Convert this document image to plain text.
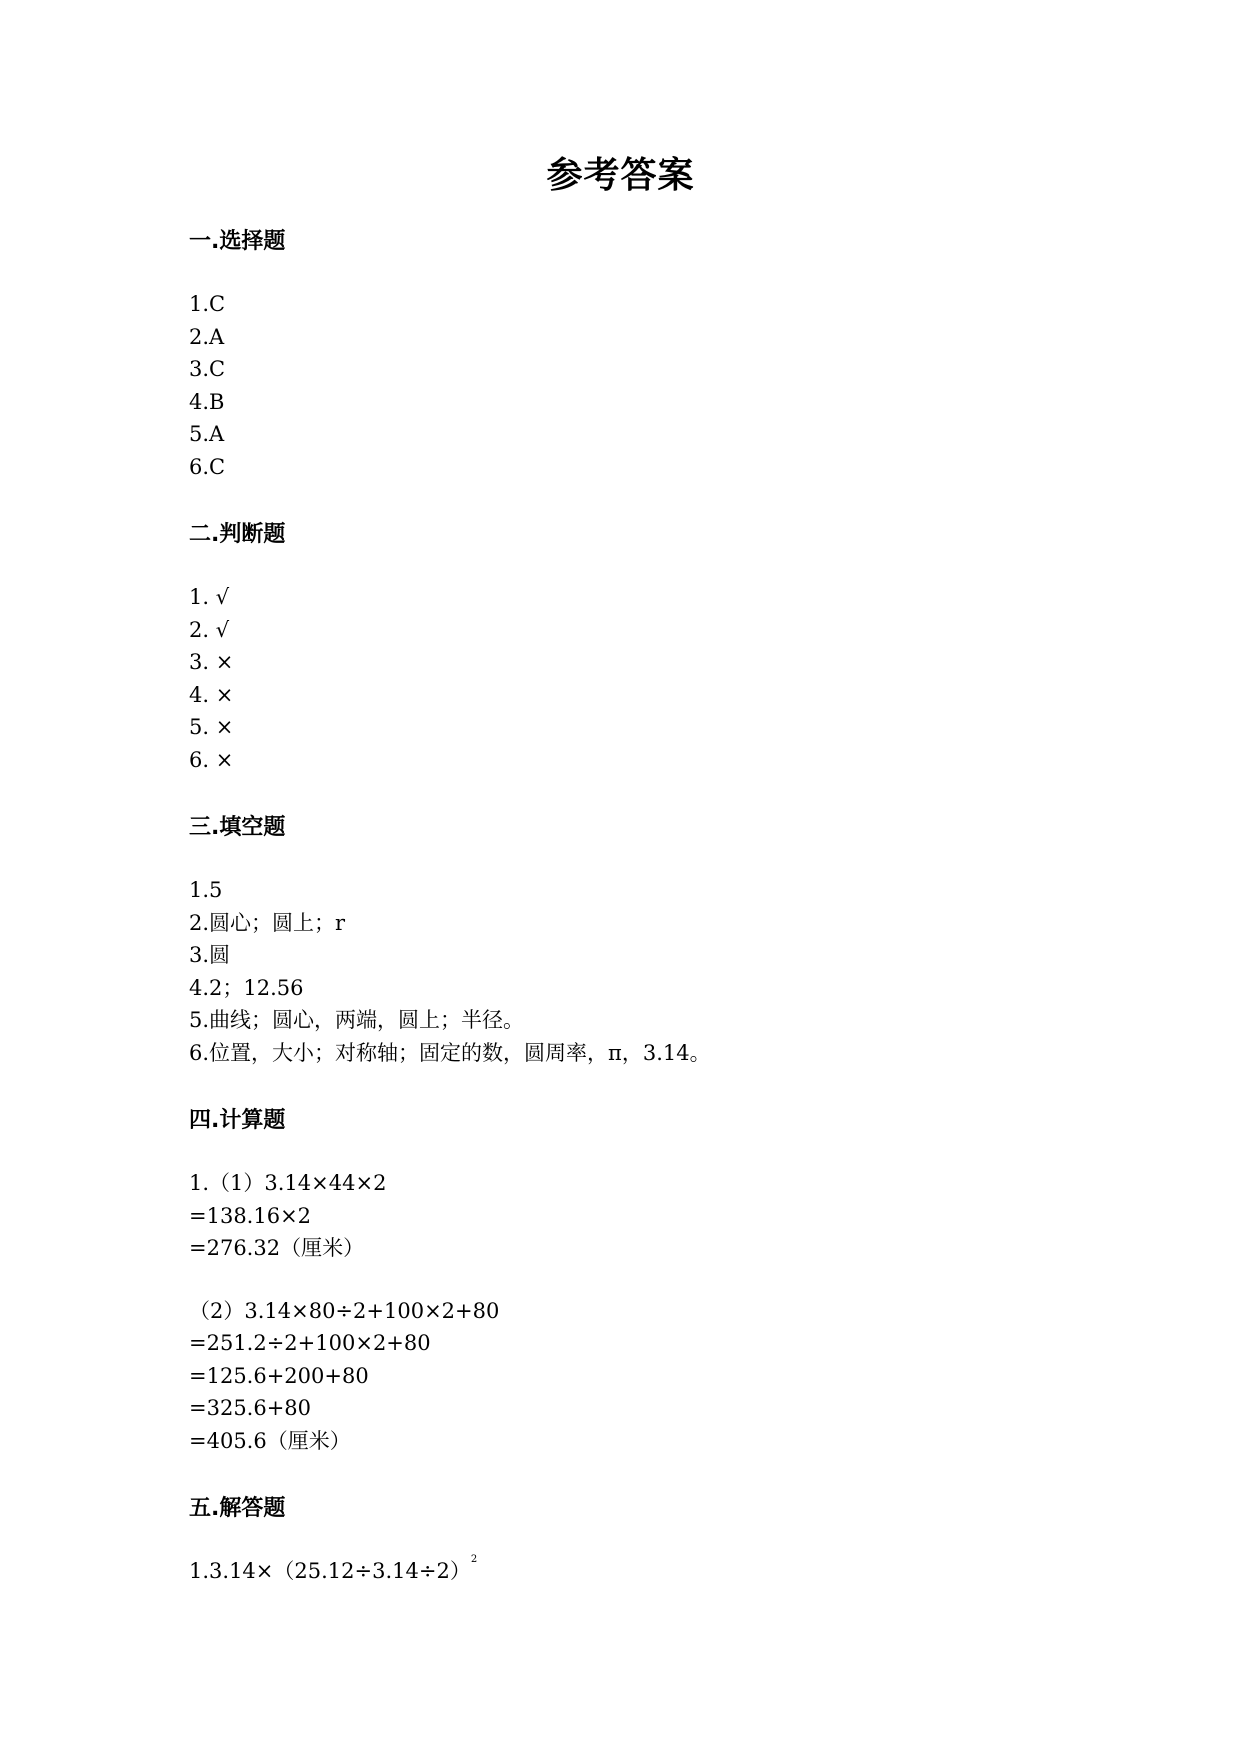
参考答案
一.选择题
1.C
2.A
3.C
4.B
5.A
6.C
二.判断题
1. √
2. √
3. ×
4. ×
5. ×
6. ×
三.填空题
1.5
2.圆心；圆上；r
3.圆
4.2；12.56
5.曲线；圆心，两端，圆上；半径。
6.位置，大小；对称轴；固定的数，圆周率，π，3.14。
四.计算题
1.（1）3.14×44×2
=138.16×2
=276.32（厘米）
（2）3.14×80÷2+100×2+80
=251.2÷2+100×2+80
=125.6+200+80
=325.6+80
=405.6（厘米）
五.解答题
$1.3.14\times(25.12\div 3.14\div 2)^2$
